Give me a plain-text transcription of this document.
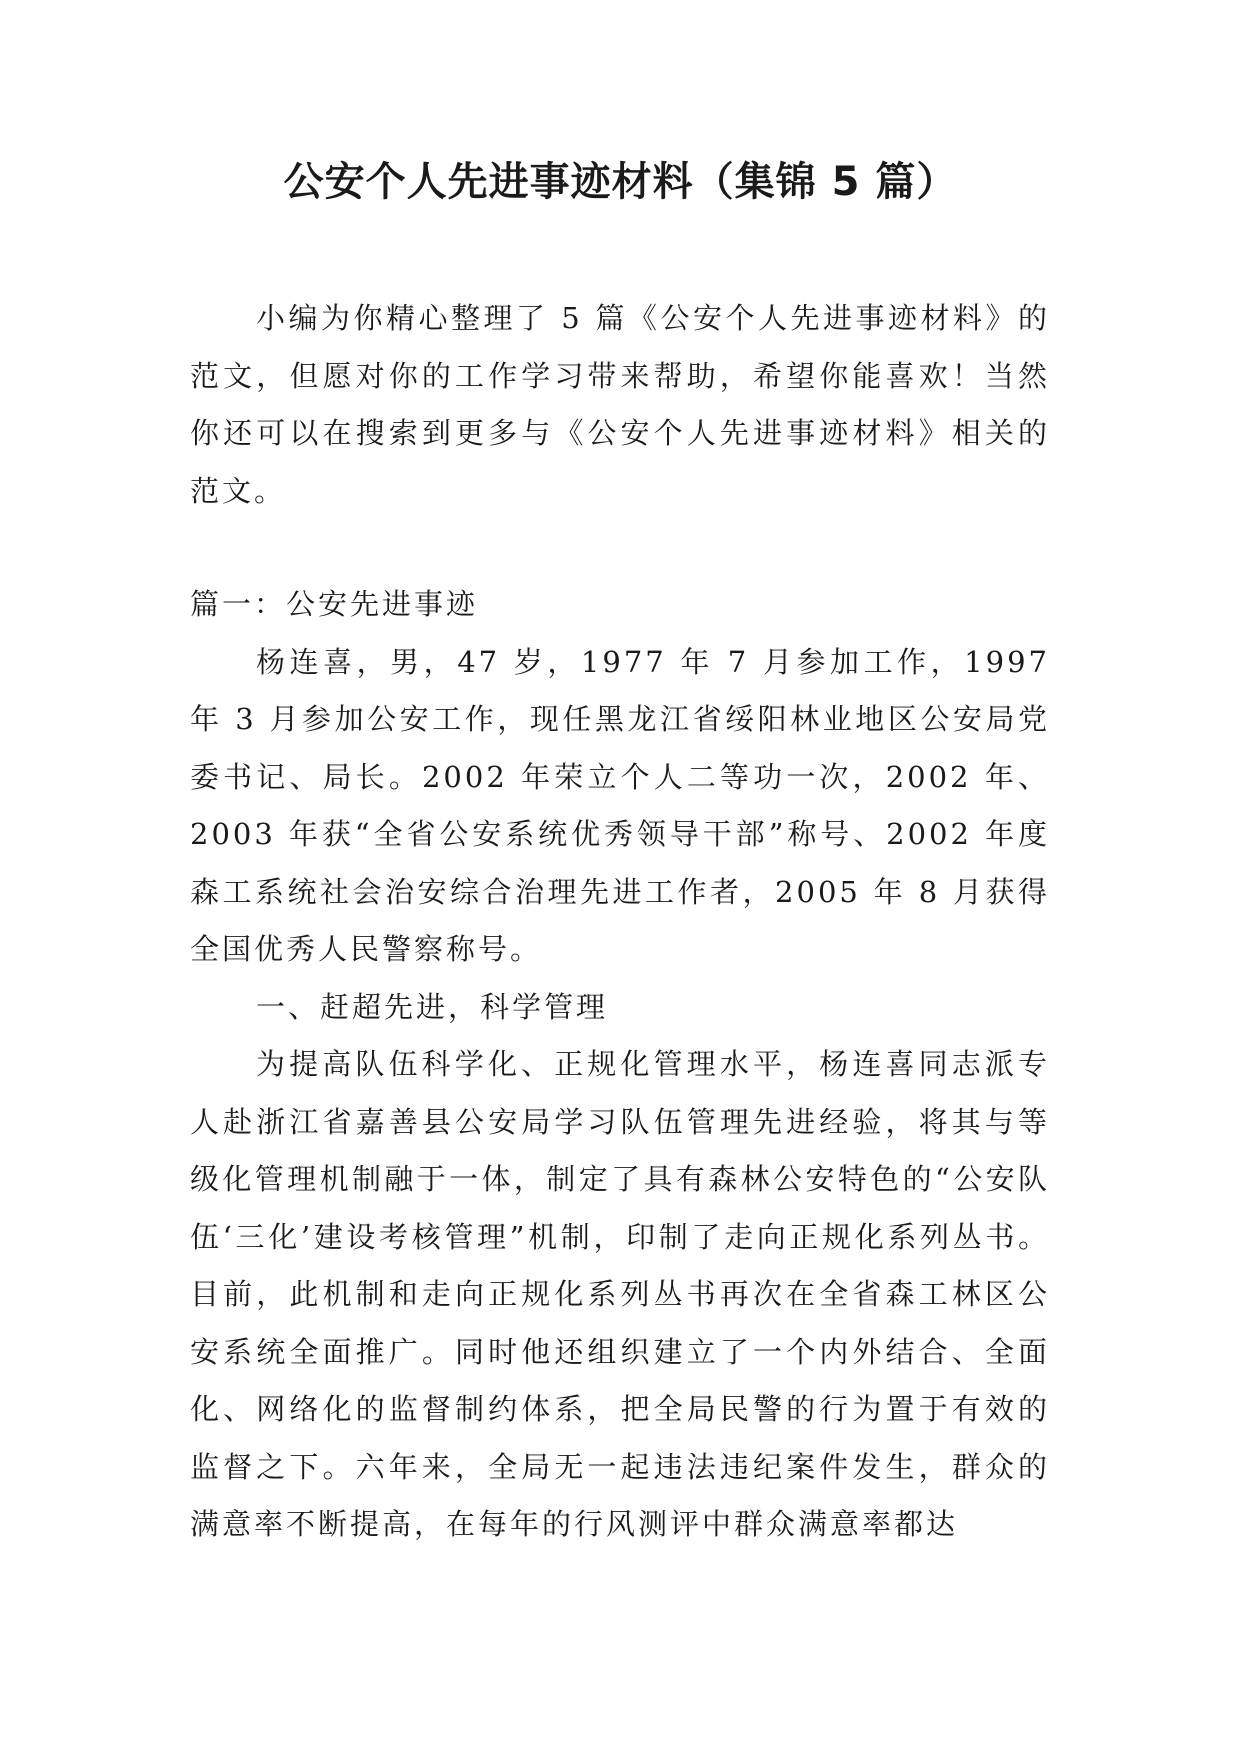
公安个人先进事迹材料（集锦 5 篇）

小编为你精心整理了 5 篇《公安个人先进事迹材料》的范文，但愿对你的工作学习带来帮助，希望你能喜欢！当然你还可以在搜索到更多与《公安个人先进事迹材料》相关的范文。

篇一：公安先进事迹

杨连喜，男，47 岁，1977 年 7 月参加工作，1997 年 3 月参加公安工作，现任黑龙江省绥阳林业地区公安局党委书记、局长。2002 年荣立个人二等功一次，2002 年、2003 年获“全省公安系统优秀领导干部”称号、2002 年度森工系统社会治安综合治理先进工作者，2005 年 8 月获得全国优秀人民警察称号。

一、赶超先进，科学管理

为提高队伍科学化、正规化管理水平，杨连喜同志派专人赴浙江省嘉善县公安局学习队伍管理先进经验，将其与等级化管理机制融于一体，制定了具有森林公安特色的“公安队伍‘三化’建设考核管理”机制，印制了走向正规化系列丛书。目前，此机制和走向正规化系列丛书再次在全省森工林区公安系统全面推广。同时他还组织建立了一个内外结合、全面化、网络化的监督制约体系，把全局民警的行为置于有效的监督之下。六年来，全局无一起违法违纪案件发生，群众的满意率不断提高，在每年的行风测评中群众满意率都达
